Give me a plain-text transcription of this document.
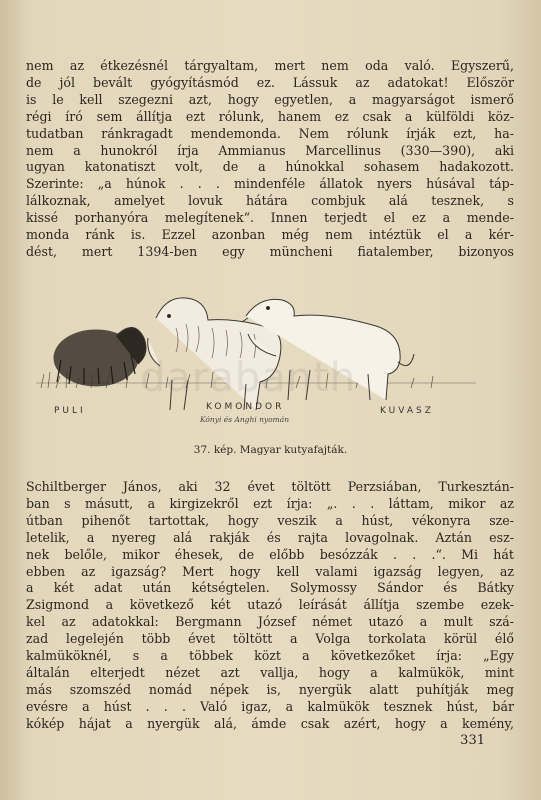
nem az étkezésnél tárgyaltam, mert nem oda való. Egyszerű,
de jól bevált gyógyításmód ez. Lássuk az adatokat! Először
is le kell szegezni azt, hogy egyetlen, a magyarságot ismerő
régi író sem állítja ezt rólunk, hanem ez csak a külföldi köz-
tudatban ránkragadt mendemonda. Nem rólunk írják ezt, ha-
nem a hunokról írja Ammianus Marcellinus (330—390), aki
ugyan katonatiszt volt, de a húnokkal sohasem hadakozott.
Szerinte: „a húnok . . . mindenféle állatok nyers húsával táp-
lálkoznak, amelyet lovuk hátára combjuk alá tesznek, s
kissé porhanyóra melegítenek“. Innen terjedt el ez a mende-
monda ránk is. Ezzel azonban még nem intéztük el a kér-
dést, mert 1394-ben egy müncheni fiatalember, bizonyos
PULI	KOMONDOR	KUVASZ
Kónyi és Anghi nyomán
37. kép. Magyar kutyafajták.
Schiltberger János, aki 32 évet töltött Perzsiában, Turkesztán-
ban s másutt, a kirgizekről ezt írja: „. . . láttam, mikor az
útban pihenőt tartottak, hogy veszik a húst, vékonyra sze-
letelik, a nyereg alá rakják és rajta lovagolnak. Aztán esz-
nek belőle, mikor éhesek, de előbb besózzák . . .“. Mi hát
ebben az igazság? Mert hogy kell valami igazság legyen, az
a két adat után kétségtelen. Solymossy Sándor és Bátky
Zsigmond a következő két utazó leírását állítja szembe ezek-
kel az adatokkal: Bergmann József német utazó a mult szá-
zad legelején több évet töltött a Volga torkolata körül élő
kalmüköknél, s a többek közt a következőket írja: „Egy
általán elterjedt nézet azt vallja, hogy a kalmükök, mint
más szomszéd nomád népek is, nyergük alatt puhítják meg
evésre a húst . . . Való igaz, a kalmükök tesznek húst, bár
kókép hájat a nyergük alá, ámde csak azért, hogy a kemény,
331
